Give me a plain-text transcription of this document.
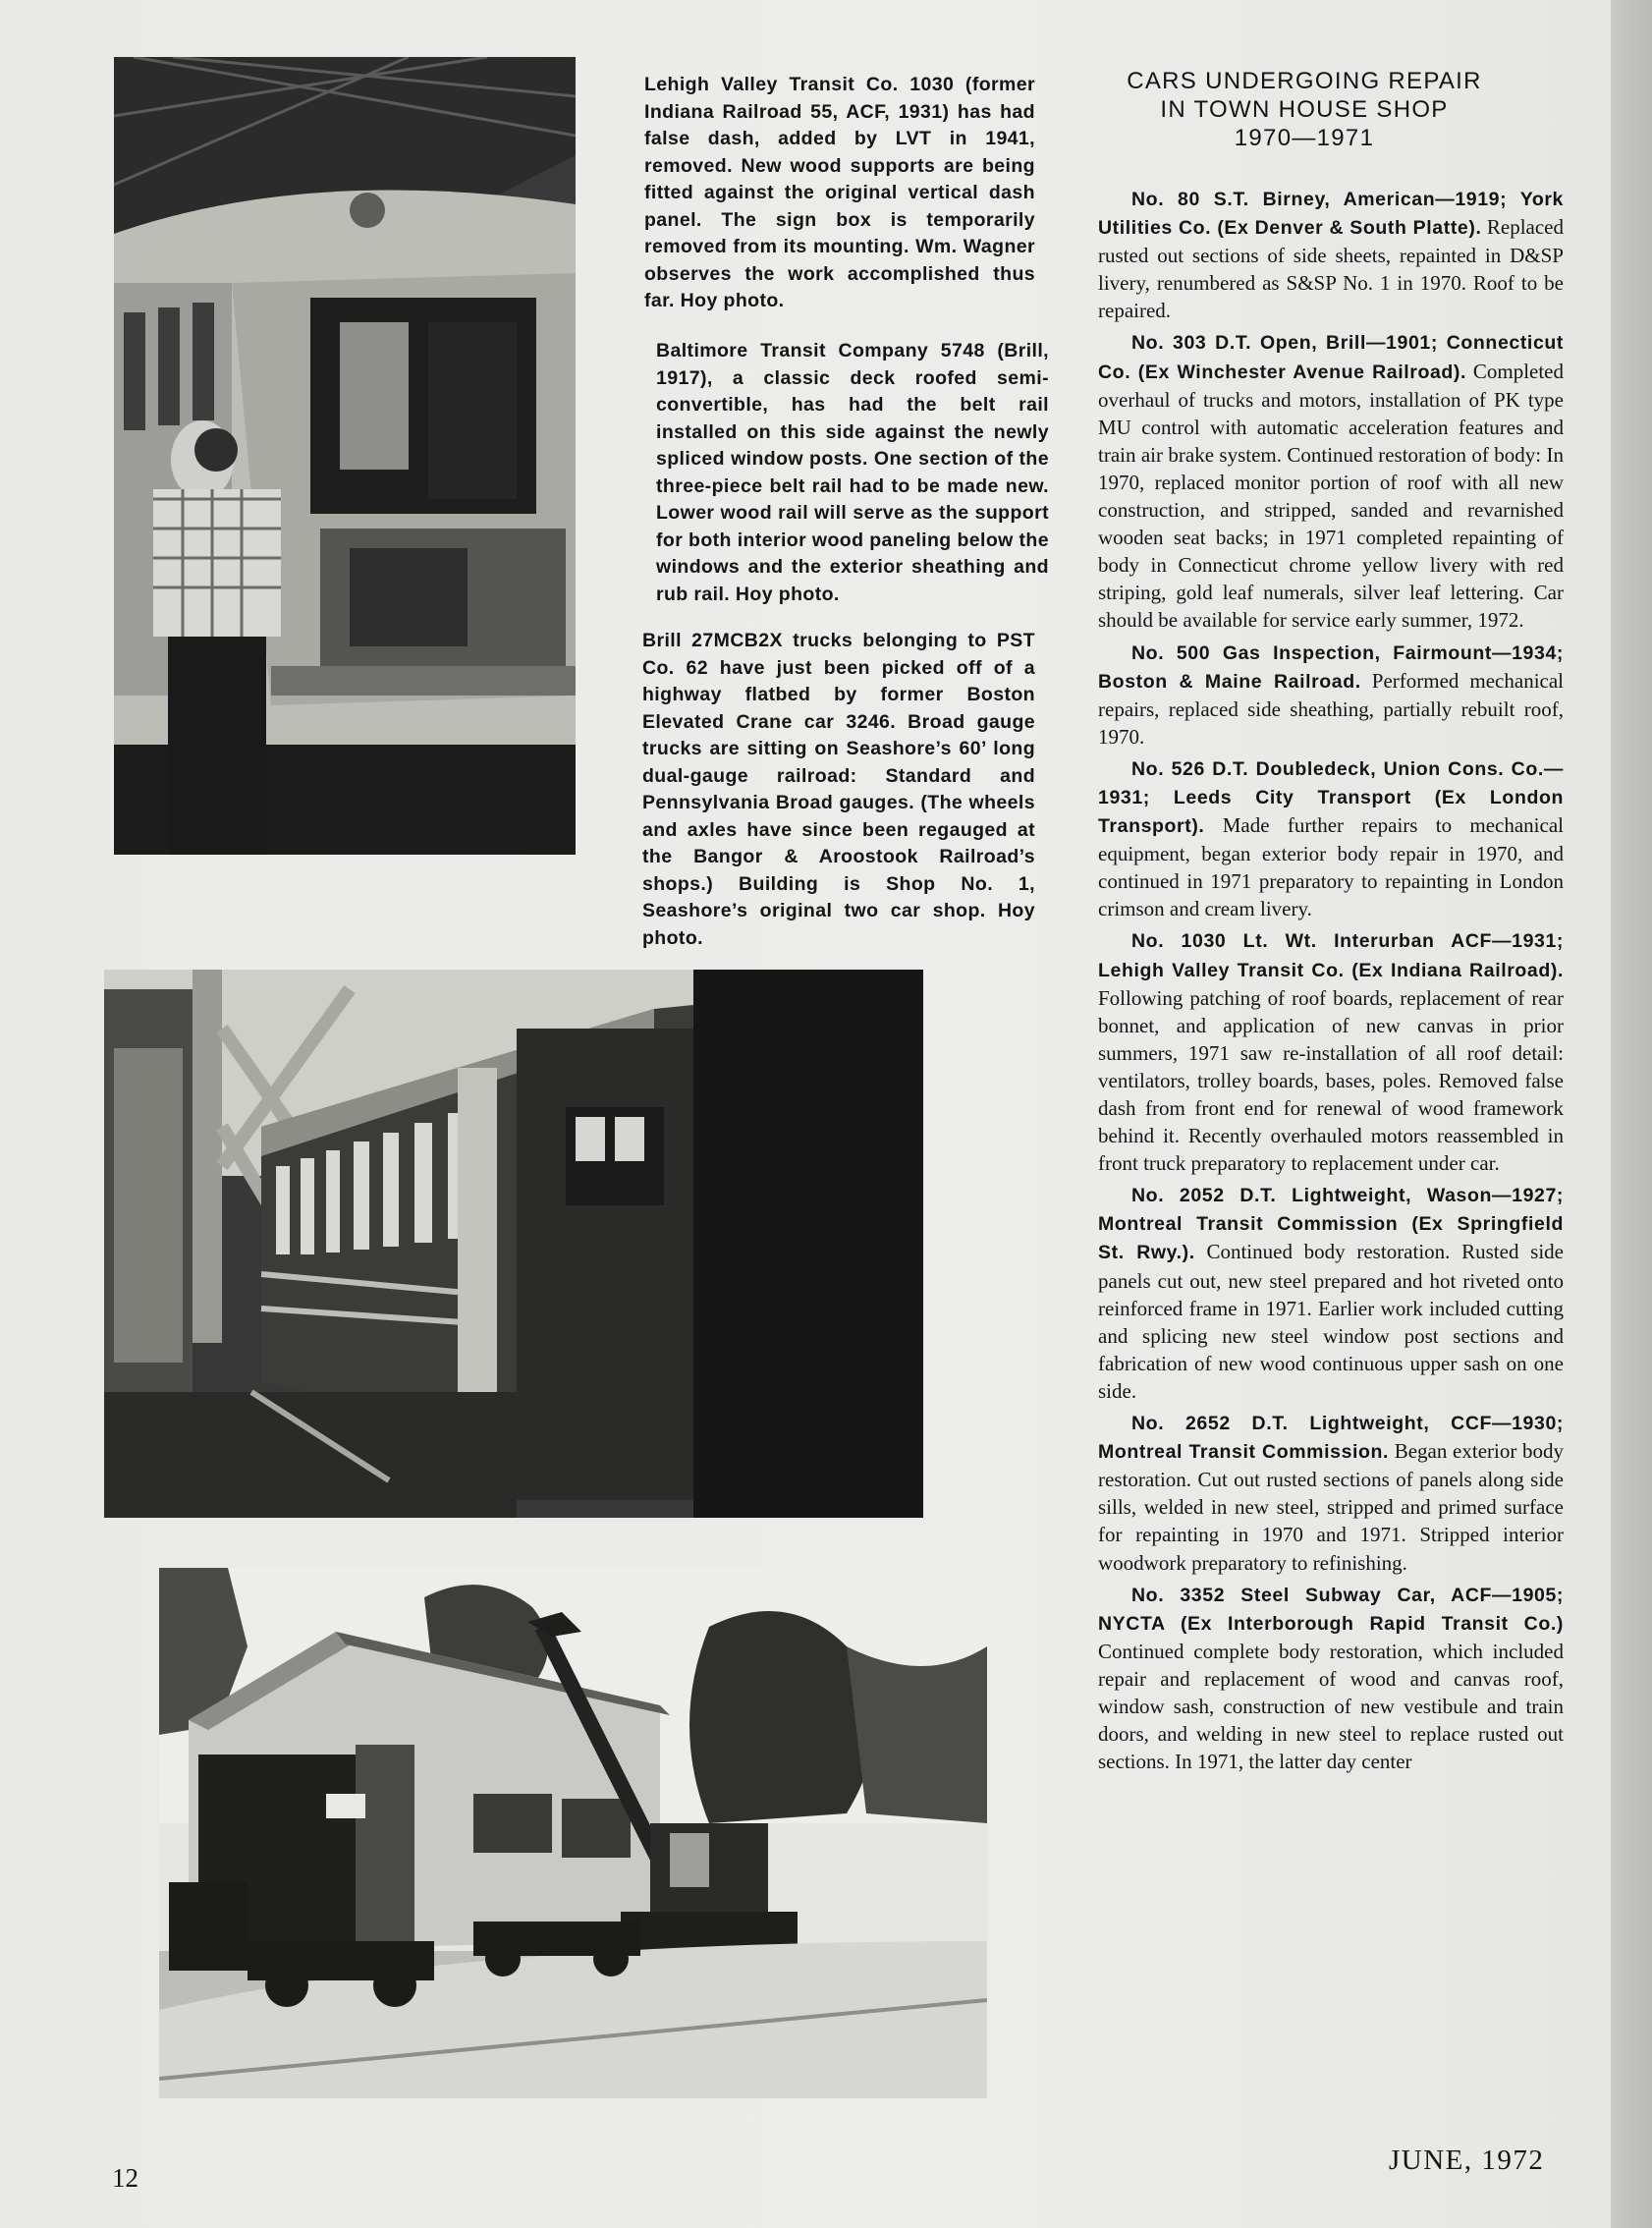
Lehigh Valley Transit Co. 1030 (former Indiana Railroad 55, ACF, 1931) has had false dash, added by LVT in 1941, removed. New wood supports are being fitted against the original vertical dash panel. The sign box is temporarily removed from its mounting. Wm. Wagner observes the work accomplished thus far. Hoy photo.

Baltimore Transit Company 5748 (Brill, 1917), a classic deck roofed semi-convertible, has had the belt rail installed on this side against the newly spliced window posts. One section of the three-piece belt rail had to be made new. Lower wood rail will serve as the support for both interior wood paneling below the windows and the exterior sheathing and rub rail. Hoy photo.

Brill 27MCB2X trucks belonging to PST Co. 62 have just been picked off of a highway flatbed by former Boston Elevated Crane car 3246. Broad gauge trucks are sitting on Seashore’s 60’ long dual-gauge railroad: Standard and Pennsylvania Broad gauges. (The wheels and axles have since been regauged at the Bangor & Aroostook Railroad’s shops.) Building is Shop No. 1, Seashore’s original two car shop. Hoy photo.

CARS UNDERGOING REPAIR
IN TOWN HOUSE SHOP
1970—1971

No. 80 S.T. Birney, American—1919; York Utilities Co. (Ex Denver & South Platte). Replaced rusted out sections of side sheets, repainted in D&SP livery, renumbered as S&SP No. 1 in 1970. Roof to be repaired.

No. 303 D.T. Open, Brill—1901; Connecticut Co. (Ex Winchester Avenue Railroad). Completed overhaul of trucks and motors, installation of PK type MU control with automatic acceleration features and train air brake system. Continued restoration of body: In 1970, replaced monitor portion of roof with all new construction, and stripped, sanded and revarnished wooden seat backs; in 1971 completed repainting of body in Connecticut chrome yellow livery with red striping, gold leaf numerals, silver leaf lettering. Car should be available for service early summer, 1972.

No. 500 Gas Inspection, Fairmount—1934; Boston & Maine Railroad. Performed mechanical repairs, replaced side sheathing, partially rebuilt roof, 1970.

No. 526 D.T. Doubledeck, Union Cons. Co.—1931; Leeds City Transport (Ex London Transport). Made further repairs to mechanical equipment, began exterior body repair in 1970, and continued in 1971 preparatory to repainting in London crimson and cream livery.

No. 1030 Lt. Wt. Interurban ACF—1931; Lehigh Valley Transit Co. (Ex Indiana Railroad). Following patching of roof boards, replacement of rear bonnet, and application of new canvas in prior summers, 1971 saw re-installation of all roof detail: ventilators, trolley boards, bases, poles. Removed false dash from front end for renewal of wood framework behind it. Recently overhauled motors reassembled in front truck preparatory to replacement under car.

No. 2052 D.T. Lightweight, Wason—1927; Montreal Transit Commission (Ex Springfield St. Rwy.). Continued body restoration. Rusted side panels cut out, new steel prepared and hot riveted onto reinforced frame in 1971. Earlier work included cutting and splicing new steel window post sections and fabrication of new wood continuous upper sash on one side.

No. 2652 D.T. Lightweight, CCF—1930; Montreal Transit Commission. Began exterior body restoration. Cut out rusted sections of panels along side sills, welded in new steel, stripped and primed surface for repainting in 1970 and 1971. Stripped interior woodwork preparatory to refinishing.

No. 3352 Steel Subway Car, ACF—1905; NYCTA (Ex Interborough Rapid Transit Co.) Continued complete body restoration, which included repair and replacement of wood and canvas roof, window sash, construction of new vestibule and train doors, and welding in new steel to replace rusted out sections. In 1971, the latter day center

12
JUNE, 1972
